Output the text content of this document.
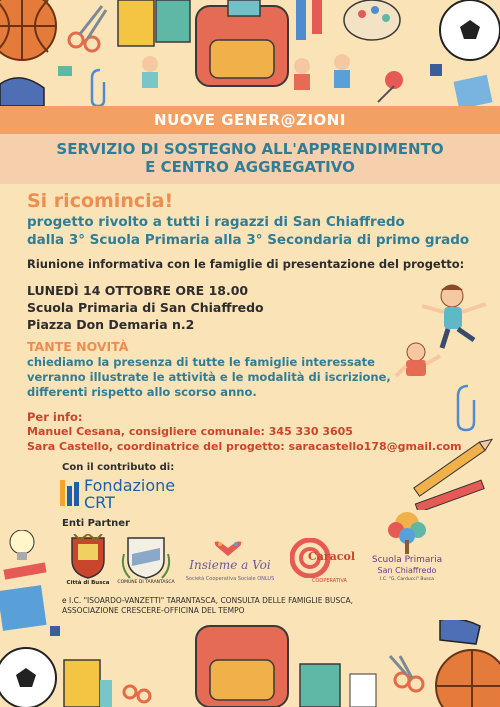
NUOVE GENER@ZIONI
SERVIZIO DI SOSTEGNO ALL'APPRENDIMENTO
E CENTRO AGGREGATIVO
Si ricomincia!
progetto rivolto a tutti i ragazzi di San Chiaffredo
dalla 3° Scuola Primaria alla 3° Secondaria di primo grado
Riunione informativa con le famiglie di presentazione del progetto:
LUNEDÌ 14 OTTOBRE ORE 18.00
Scuola Primaria di San Chiaffredo
Piazza Don Demaria n.2
TANTE NOVITÀ
chiediamo la presenza di tutte le famiglie interessate
verranno illustrate le attività e le modalità di iscrizione,
differenti rispetto allo scorso anno.
Per info:
Manuel Cesana, consigliere comunale: 345 330 3605
Sara Castello, coordinatrice del progetto: saracastello178@gmail.com
Con il contributo di:
Fondazione
CRT
Enti Partner
Città di Busca	COMUNE DI TARANTASCA
Insieme a Voi
Società Cooperativa Sociale ONLUS
Caracol
COOPERATIVA
Scuola Primaria
San Chiaffredo
I.C. "G. Carducci" Busca
e I.C. "ISOARDO-VANZETTI" TARANTASCA, CONSULTA DELLE FAMIGLIE BUSCA,
ASSOCIAZIONE CRESCERE-OFFICINA DEL TEMPO
